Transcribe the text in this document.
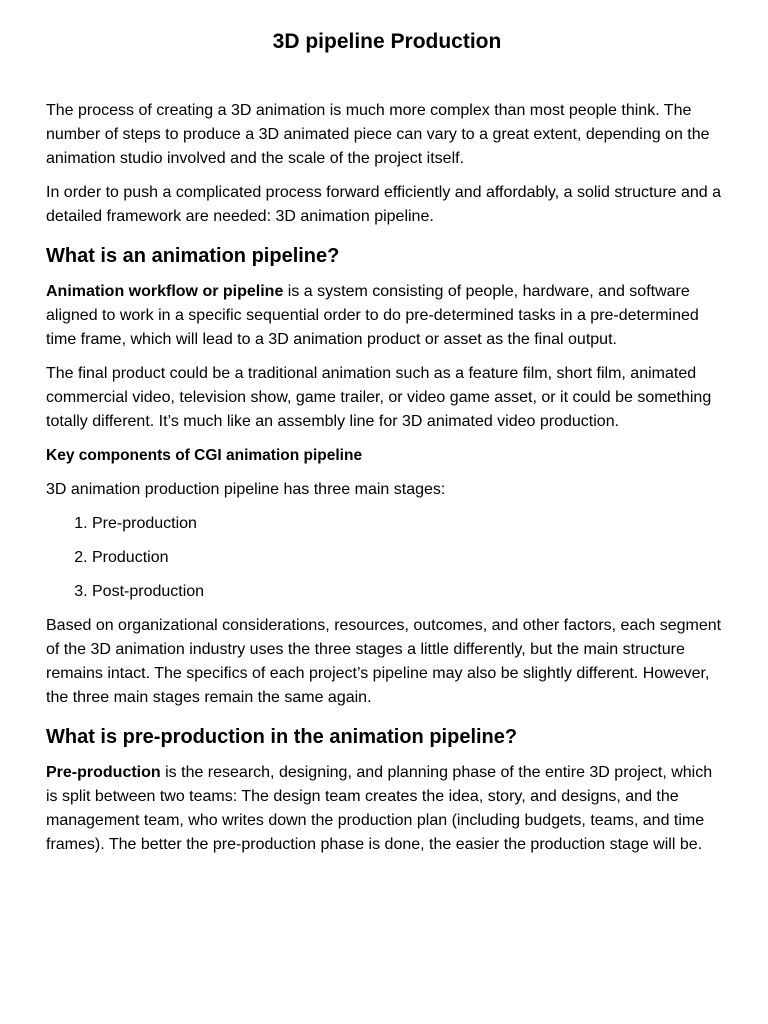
3D pipeline Production

The process of creating a 3D animation is much more complex than most people think. The number of steps to produce a 3D animated piece can vary to a great extent, depending on the animation studio involved and the scale of the project itself.

In order to push a complicated process forward efficiently and affordably, a solid structure and a detailed framework are needed: 3D animation pipeline.

What is an animation pipeline?

Animation workflow or pipeline is a system consisting of people, hardware, and software aligned to work in a specific sequential order to do pre-determined tasks in a pre-determined time frame, which will lead to a 3D animation product or asset as the final output.

The final product could be a traditional animation such as a feature film, short film, animated commercial video, television show, game trailer, or video game asset, or it could be something totally different. It’s much like an assembly line for 3D animated video production.

Key components of CGI animation pipeline

3D animation production pipeline has three main stages:

1. Pre-production
2. Production
3. Post-production

Based on organizational considerations, resources, outcomes, and other factors, each segment of the 3D animation industry uses the three stages a little differently, but the main structure remains intact. The specifics of each project’s pipeline may also be slightly different. However, the three main stages remain the same again.

What is pre-production in the animation pipeline?

Pre-production is the research, designing, and planning phase of the entire 3D project, which is split between two teams: The design team creates the idea, story, and designs, and the management team, who writes down the production plan (including budgets, teams, and time frames). The better the pre-production phase is done, the easier the production stage will be.
